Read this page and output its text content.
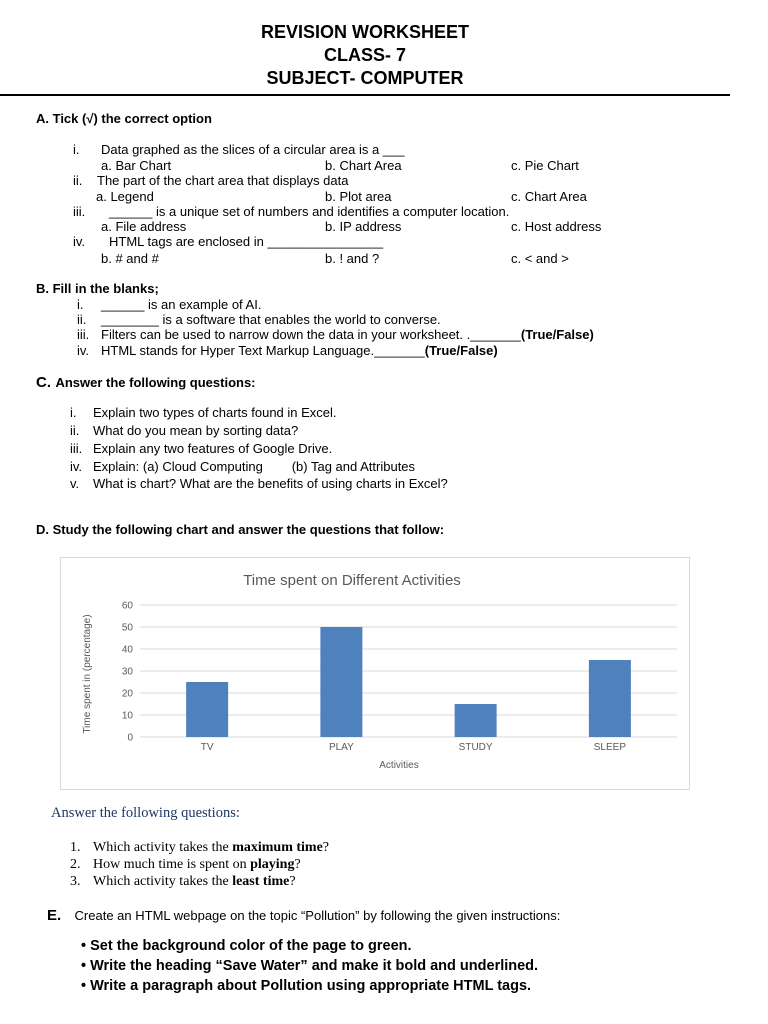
REVISION WORKSHEET
CLASS- 7
SUBJECT- COMPUTER
A. Tick (√) the correct option
i. Data graphed as the slices of a circular area is a ___
a. Bar Chart	b. Chart Area	c. Pie Chart
ii. The part of the chart area that displays data
a. Legend	b. Plot area	c. Chart Area
iii. ______ is a unique set of numbers and identifies a computer location.
a. File address	b. IP address	c. Host address
iv. HTML tags are enclosed in ________________
b. # and #	b. ! and ?	c. < and >
B. Fill in the blanks;
i. ______ is an example of AI.
ii. ________ is a software that enables the world to converse.
iii. Filters can be used to narrow down the data in your worksheet. ._______(True/False)
iv. HTML stands for Hyper Text Markup Language._______(True/False)
C. Answer the following questions:
i. Explain two types of charts found in Excel.
ii. What do you mean by sorting data?
iii. Explain any two features of Google Drive.
iv. Explain: (a) Cloud Computing        (b) Tag and Attributes
v. What is chart? What are the benefits of using charts in Excel?
D. Study the following chart and answer the questions that follow:
Time spent on Different Activities
Time spent in (percentage)
Activities
TV	PLAY	STUDY	SLEEP
0
10
20
30
40
50
60
Answer the following questions:
1. Which activity takes the maximum time?
2. How much time is spent on playing?
3. Which activity takes the least time?
E. Create an HTML webpage on the topic “Pollution” by following the given instructions:
• Set the background color of the page to green.
• Write the heading “Save Water” and make it bold and underlined.
• Write a paragraph about Pollution using appropriate HTML tags.
